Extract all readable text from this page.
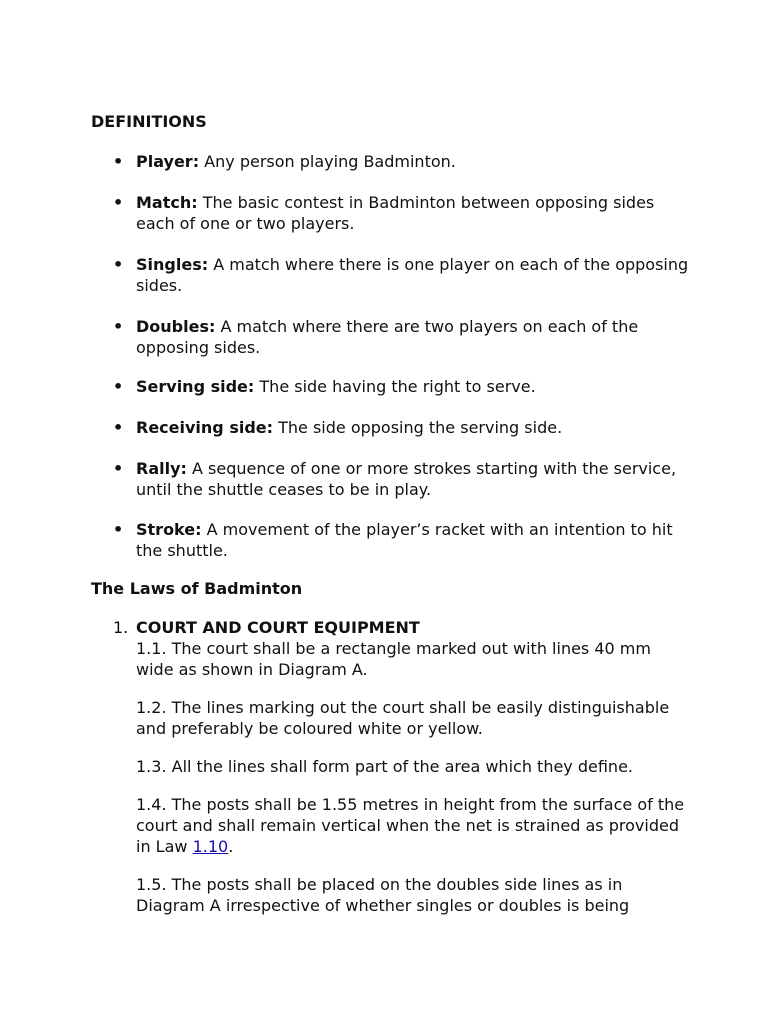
DEFINITIONS

• Player: Any person playing Badminton.
• Match: The basic contest in Badminton between opposing sides each of one or two players.
• Singles: A match where there is one player on each of the opposing sides.
• Doubles: A match where there are two players on each of the opposing sides.
• Serving side: The side having the right to serve.
• Receiving side: The side opposing the serving side.
• Rally: A sequence of one or more strokes starting with the service, until the shuttle ceases to be in play.
• Stroke: A movement of the player’s racket with an intention to hit the shuttle.

The Laws of Badminton

1. COURT AND COURT EQUIPMENT

1.1. The court shall be a rectangle marked out with lines 40 mm wide as shown in Diagram A.

1.2. The lines marking out the court shall be easily distinguishable and preferably be coloured white or yellow.

1.3. All the lines shall form part of the area which they define.

1.4. The posts shall be 1.55 metres in height from the surface of the court and shall remain vertical when the net is strained as provided in Law 1.10.

1.5. The posts shall be placed on the doubles side lines as in Diagram A irrespective of whether singles or doubles is being
